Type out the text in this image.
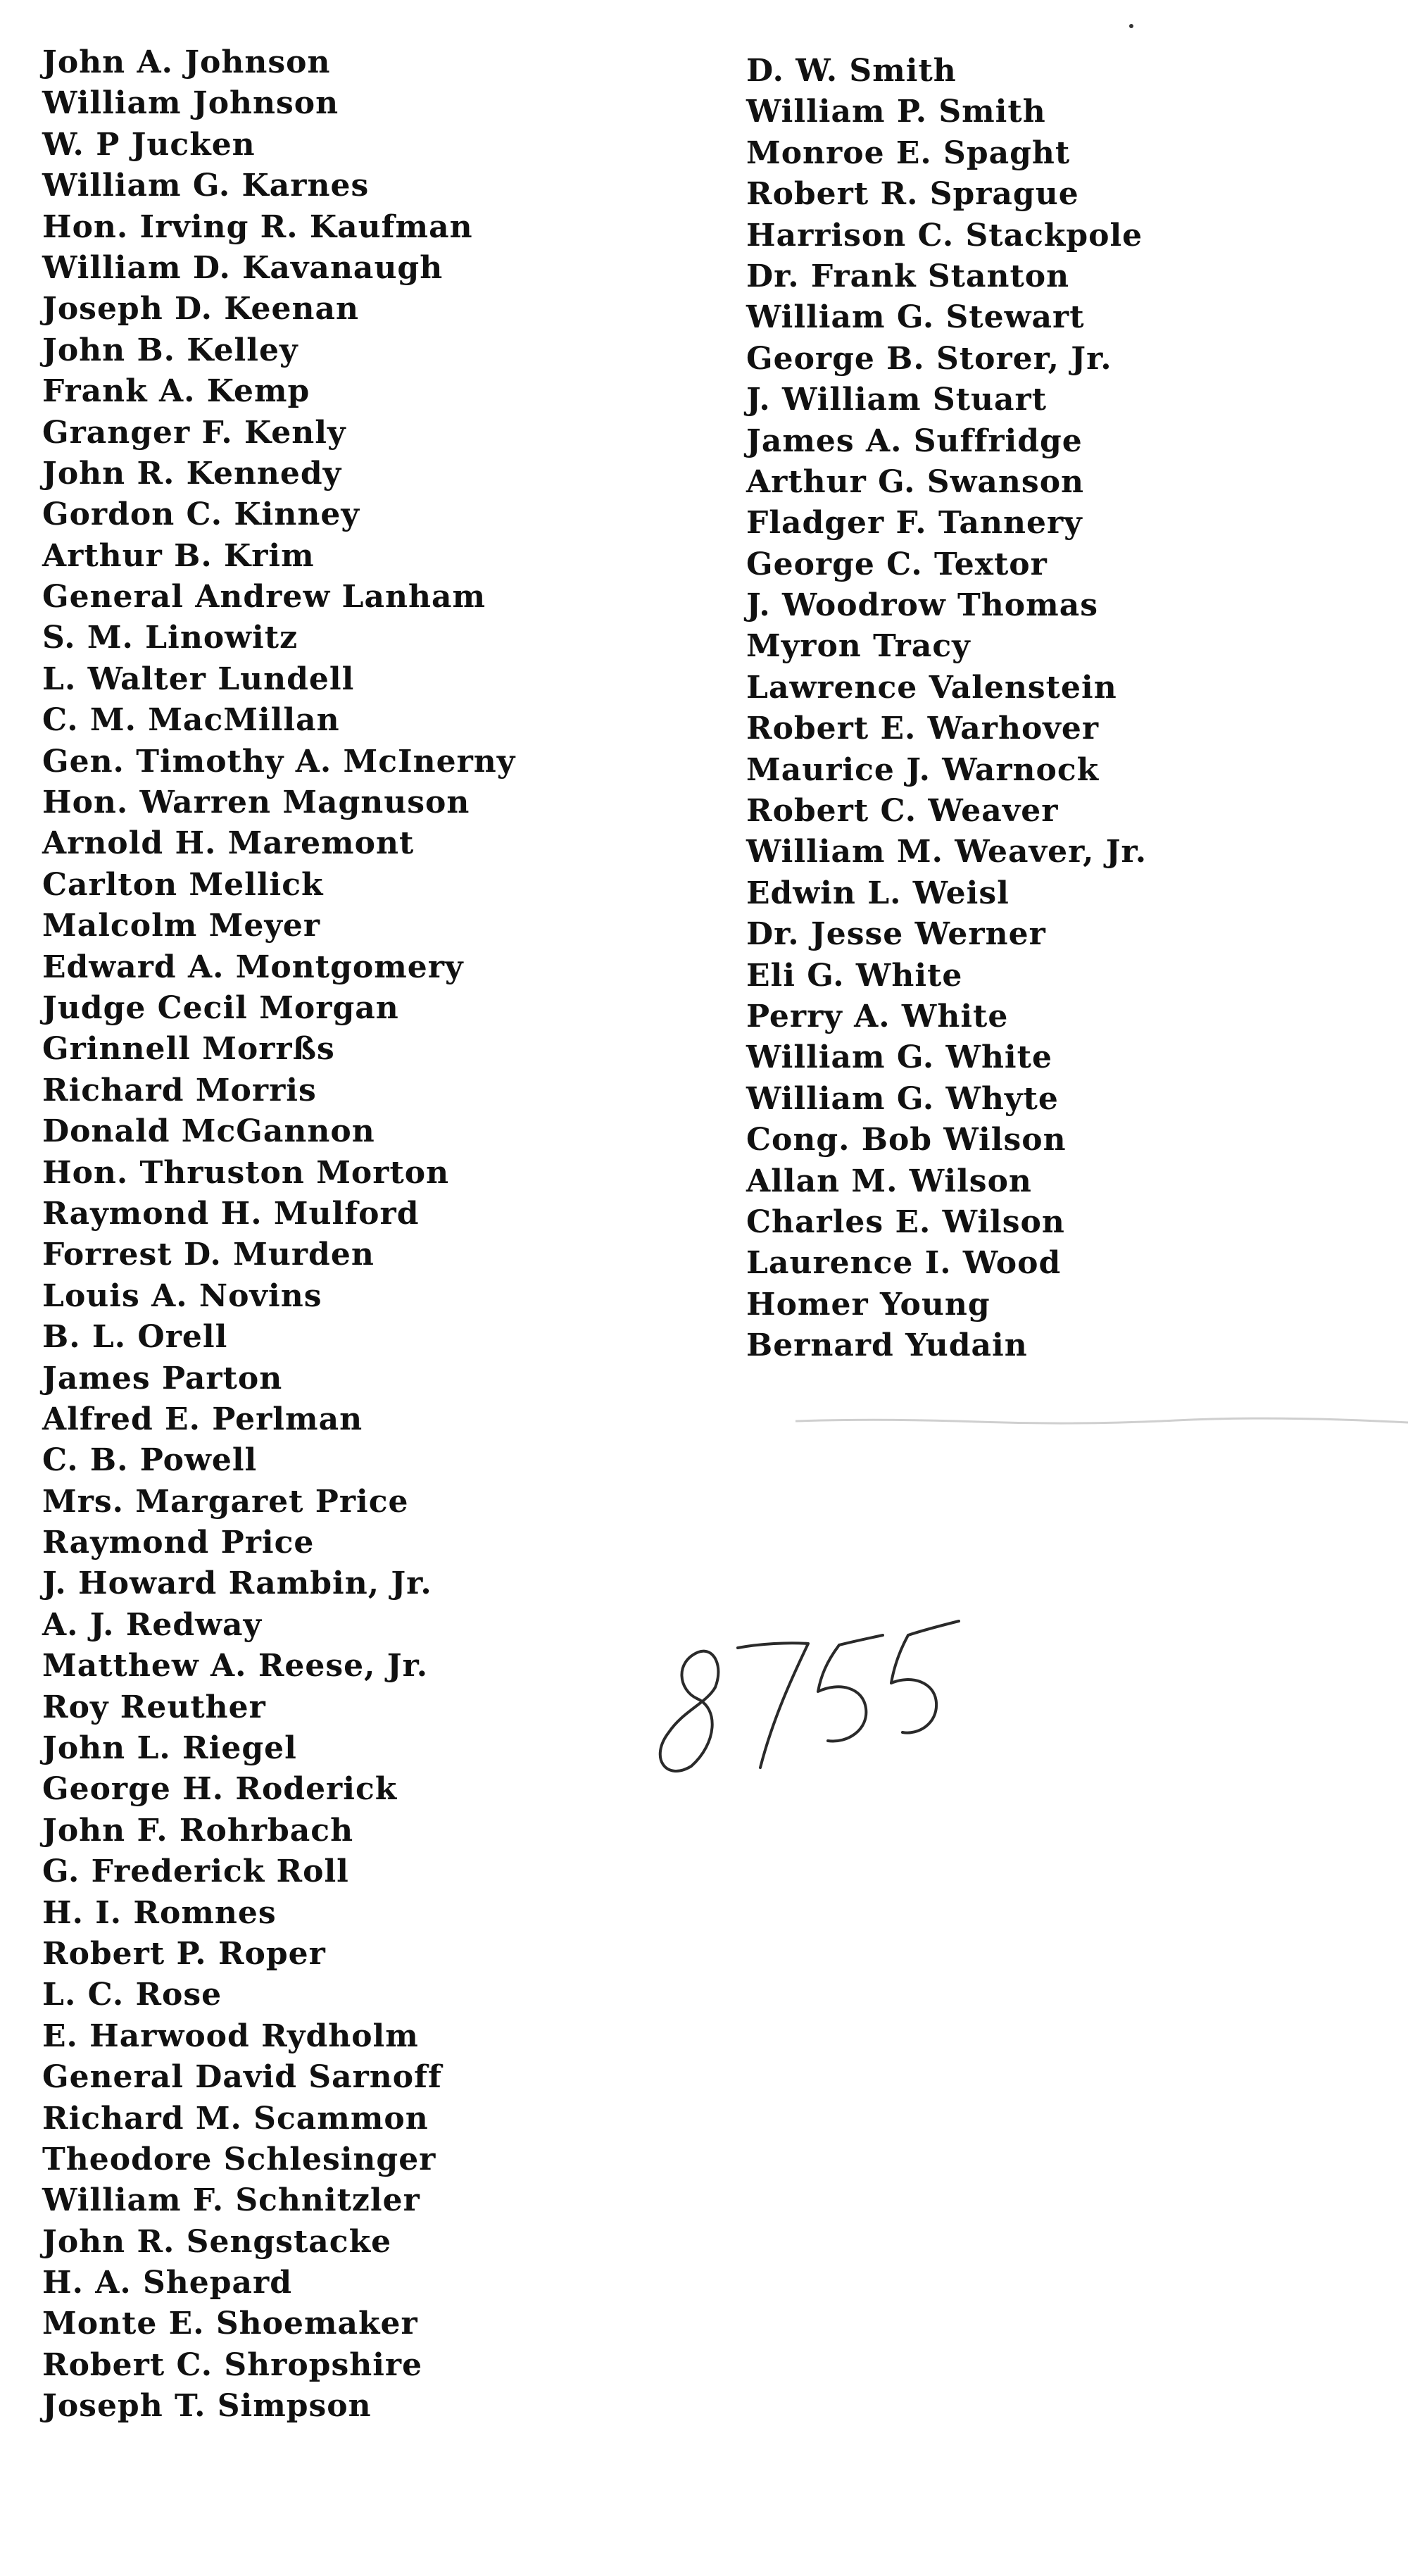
John A. Johnson
William Johnson
W. P Jucken
William G. Karnes
Hon. Irving R. Kaufman
William D. Kavanaugh
Joseph D. Keenan
John B. Kelley
Frank A. Kemp
Granger F. Kenly
John R. Kennedy
Gordon C. Kinney
Arthur B. Krim
General Andrew Lanham
S. M. Linowitz
L. Walter Lundell
C. M. MacMillan
Gen. Timothy A. McInerny
Hon. Warren Magnuson
Arnold H. Maremont
Carlton Mellick
Malcolm Meyer
Edward A. Montgomery
Judge Cecil Morgan
Grinnell Morrßs
Richard Morris
Donald McGannon
Hon. Thruston Morton
Raymond H. Mulford
Forrest D. Murden
Louis A. Novins
B. L. Orell
James Parton
Alfred E. Perlman
C. B. Powell
Mrs. Margaret Price
Raymond Price
J. Howard Rambin, Jr.
A. J. Redway
Matthew A. Reese, Jr.
Roy Reuther
John L. Riegel
George H. Roderick
John F. Rohrbach
G. Frederick Roll
H. I. Romnes
Robert P. Roper
L. C. Rose
E. Harwood Rydholm
General David Sarnoff
Richard M. Scammon
Theodore Schlesinger
William F. Schnitzler
John R. Sengstacke
H. A. Shepard
Monte E. Shoemaker
Robert C. Shropshire
Joseph T. Simpson
D. W. Smith
William P. Smith
Monroe E. Spaght
Robert R. Sprague
Harrison C. Stackpole
Dr. Frank Stanton
William G. Stewart
George B. Storer, Jr.
J. William Stuart
James A. Suffridge
Arthur G. Swanson
Fladger F. Tannery
George C. Textor
J. Woodrow Thomas
Myron Tracy
Lawrence Valenstein
Robert E. Warhover
Maurice J. Warnock
Robert C. Weaver
William M. Weaver, Jr.
Edwin L. Weisl
Dr. Jesse Werner
Eli G. White
Perry A. White
William G. White
William G. Whyte
Cong. Bob Wilson
Allan M. Wilson
Charles E. Wilson
Laurence I. Wood
Homer Young
Bernard Yudain
8755
